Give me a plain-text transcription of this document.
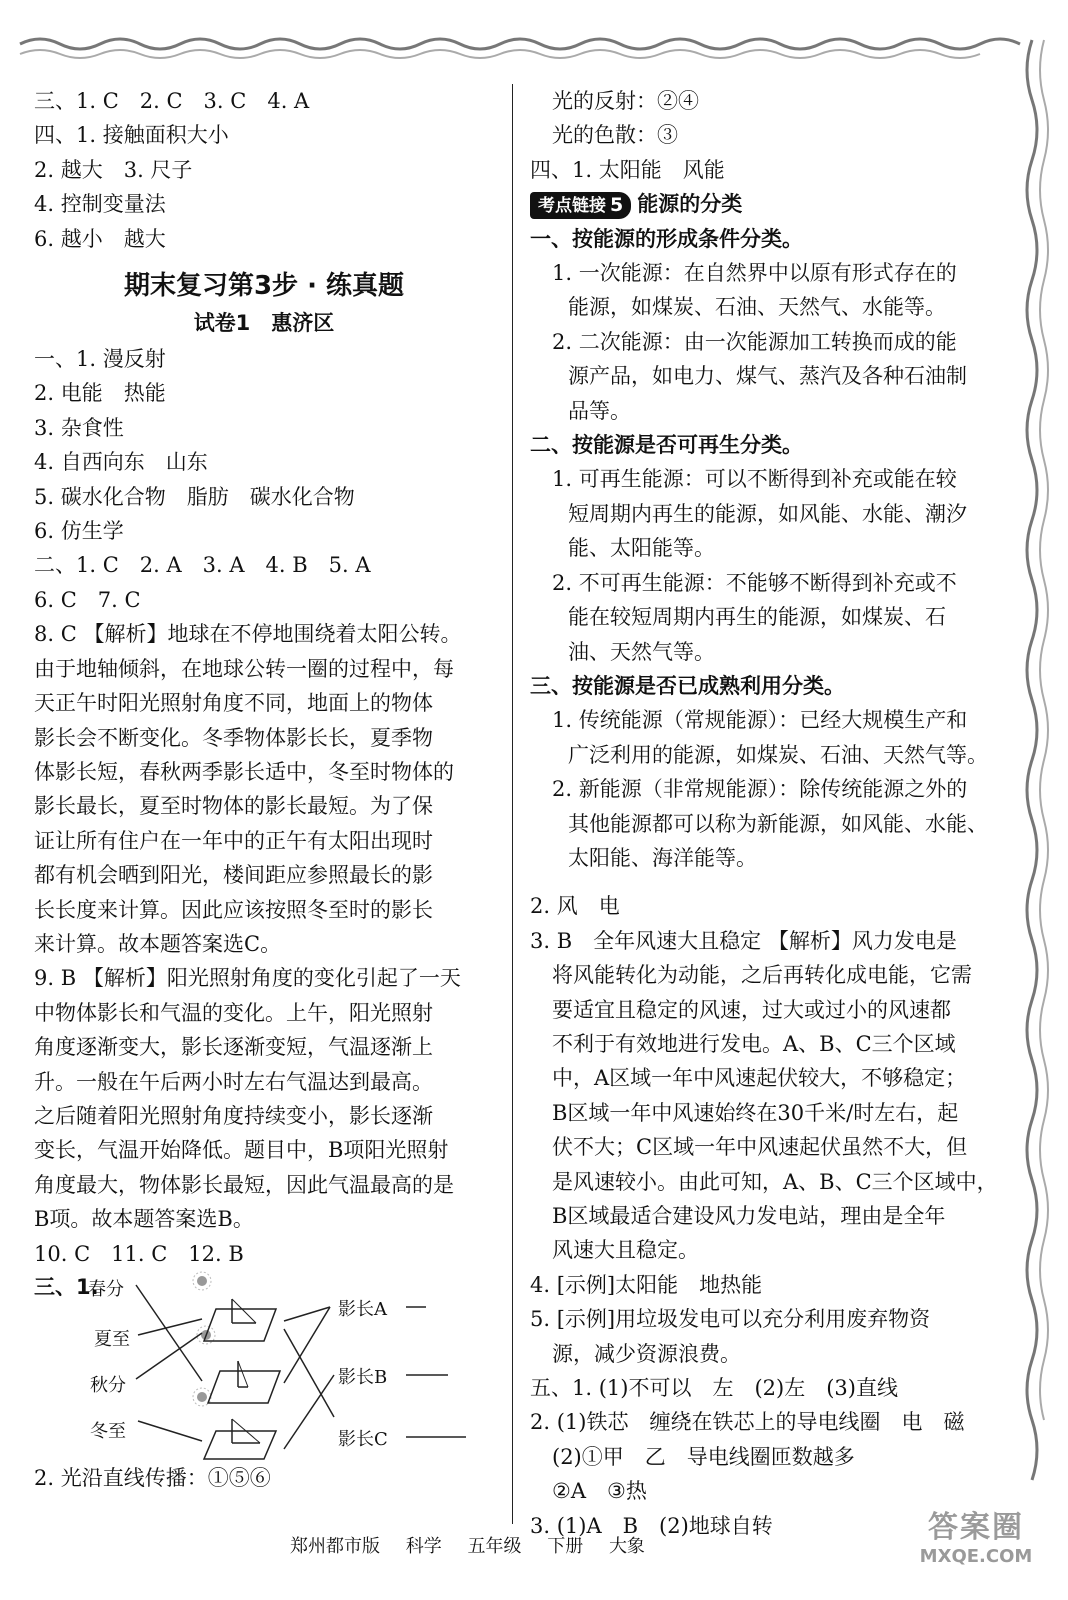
三、1. C　2. C　3. C　4. A
四、1. 接触面积大小
2. 越大　3. 尺子
4. 控制变量法
6. 越小　越大
期末复习第3步 · 练真题
试卷1　惠济区
一、1. 漫反射
2. 电能　热能
3. 杂食性
4. 自西向东　山东
5. 碳水化合物　脂肪　碳水化合物
6. 仿生学
二、1. C　2. A　3. A　4. B　5. A
6. C　7. C
8. C 【解析】地球在不停地围绕着太阳公转。
由于地轴倾斜，在地球公转一圈的过程中，每
天正午时阳光照射角度不同，地面上的物体
影长会不断变化。冬季物体影长长，夏季物
体影长短，春秋两季影长适中，冬至时物体的
影长最长，夏至时物体的影长最短。为了保
证让所有住户在一年中的正午有太阳出现时
都有机会晒到阳光，楼间距应参照最长的影
长长度来计算。因此应该按照冬至时的影长
来计算。故本题答案选C。
9. B 【解析】阳光照射角度的变化引起了一天
中物体影长和气温的变化。上午，阳光照射
角度逐渐变大，影长逐渐变短，气温逐渐上
升。一般在午后两小时左右气温达到最高。
之后随着阳光照射角度持续变小，影长逐渐
变长，气温开始降低。题目中，B项阳光照射
角度最大，物体影长最短，因此气温最高的是
B项。故本题答案选B。
10. C　11. C　12. B
三、1.
春分
夏至
秋分
冬至
影长A
影长B
影长C
2. 光沿直线传播：①⑤⑥
光的反射：②④
光的色散：③
四、1. 太阳能　风能
考点链接 5 能源的分类
一、按能源的形成条件分类。
1. 一次能源：在自然界中以原有形式存在的
能源，如煤炭、石油、天然气、水能等。
2. 二次能源：由一次能源加工转换而成的能
源产品，如电力、煤气、蒸汽及各种石油制
品等。
二、按能源是否可再生分类。
1. 可再生能源：可以不断得到补充或能在较
短周期内再生的能源，如风能、水能、潮汐
能、太阳能等。
2. 不可再生能源：不能够不断得到补充或不
能在较短周期内再生的能源，如煤炭、石
油、天然气等。
三、按能源是否已成熟利用分类。
1. 传统能源（常规能源）：已经大规模生产和
广泛利用的能源，如煤炭、石油、天然气等。
2. 新能源（非常规能源）：除传统能源之外的
其他能源都可以称为新能源，如风能、水能、
太阳能、海洋能等。
2. 风　电
3. B　全年风速大且稳定 【解析】风力发电是
将风能转化为动能，之后再转化成电能，它需
要适宜且稳定的风速，过大或过小的风速都
不利于有效地进行发电。A、B、C三个区域
中，A区域一年中风速起伏较大，不够稳定；
B区域一年中风速始终在30千米/时左右，起
伏不大；C区域一年中风速起伏虽然不大，但
是风速较小。由此可知，A、B、C三个区域中，
B区域最适合建设风力发电站，理由是全年
风速大且稳定。
4. [示例]太阳能　地热能
5. [示例]用垃圾发电可以充分利用废弃物资
源，减少资源浪费。
五、1. (1)不可以　左　(2)左　(3)直线
2. (1)铁芯　缠绕在铁芯上的导电线圈　电　磁
(2)①甲　乙　导电线圈匝数越多
②A　③热
3. (1)A　B　(2)地球自转
郑州都市版 科学 五年级 下册 大象
答案圈
MXQE.COM
